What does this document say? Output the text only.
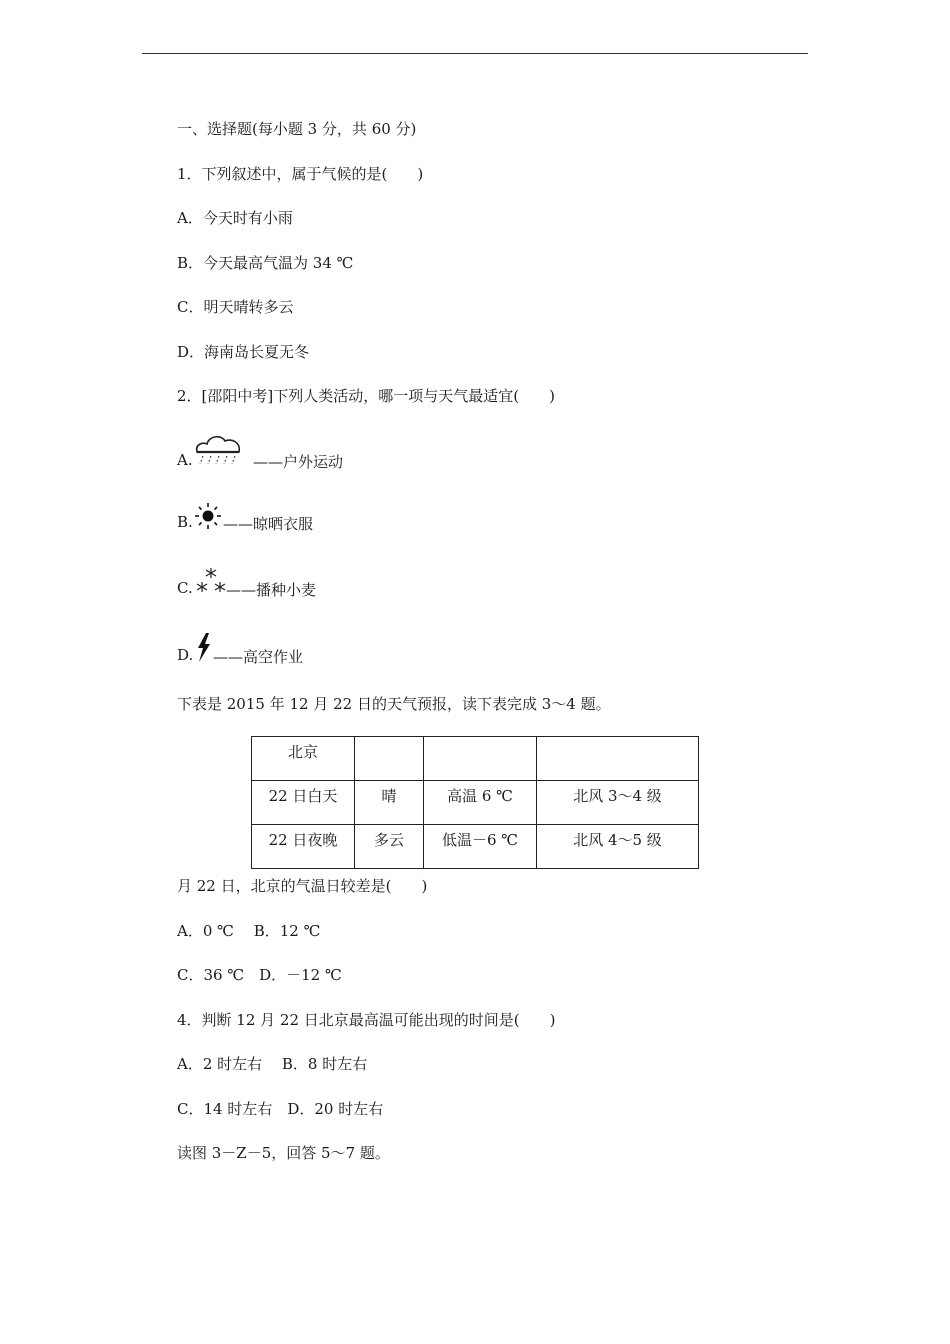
一、选择题(每小题 3 分，共 60 分)
1．下列叙述中，属于气候的是(　　)
A．今天时有小雨
B．今天最高气温为 34 ℃
C．明天晴转多云
D．海南岛长夏无冬
2．[邵阳中考]下列人类活动，哪一项与天气最适宜(　　)
A.	——户外运动
B. ——晾晒衣服
C. ——播种小麦
D. ——高空作业
下表是 2015 年 12 月 22 日的天气预报，读下表完成 3～4 题。
北京			
22 日白天	晴	高温 6 ℃	北风 3～4 级
22 日夜晚	多云	低温－6 ℃	北风 4～5 级
月 22 日，北京的气温日较差是(　　)
A．0 ℃　 B．12 ℃
C．36 ℃　D．－12 ℃
4．判断 12 月 22 日北京最高温可能出现的时间是(　　)
A．2 时左右　 B．8 时左右
C．14 时左右　D．20 时左右
读图 3－Z－5，回答 5～7 题。
